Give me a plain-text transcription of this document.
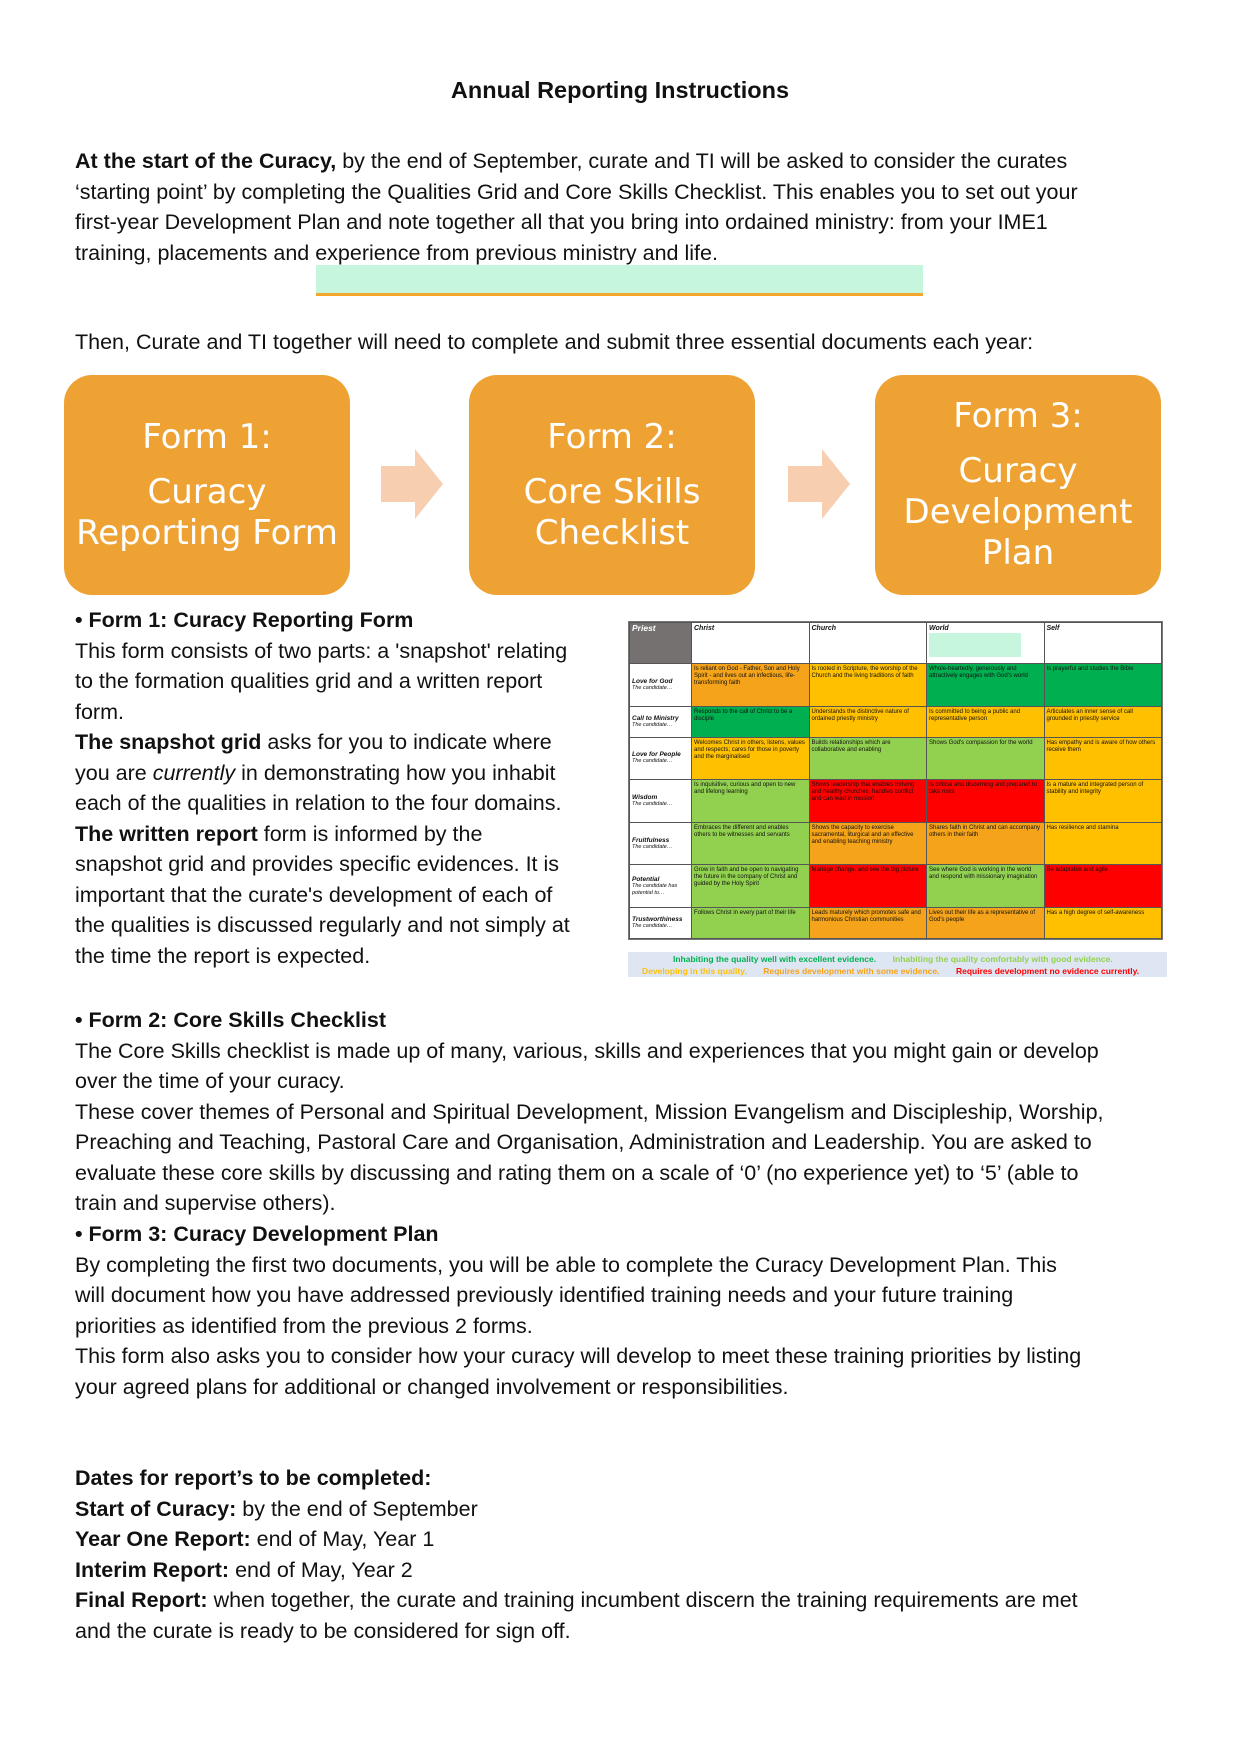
Annual Reporting Instructions
At the start of the Curacy, by the end of September, curate and TI will be asked to consider the curates
‘starting point’ by completing the Qualities Grid and Core Skills Checklist. This enables you to set out your
first-year Development Plan and note together all that you bring into ordained ministry: from your IME1
training, placements and experience from previous ministry and life.
Then, Curate and TI together will need to complete and submit three essential documents each year:
Form 1:
Curacy
Reporting Form
Form 2:
Core Skills
Checklist
Form 3:
Curacy
Development
Plan
• Form 1: Curacy Reporting Form
This form consists of two parts: a 'snapshot' relating
to the formation qualities grid and a written report
form.
The snapshot grid asks for you to indicate where
you are currently in demonstrating how you inhabit
each of the qualities in relation to the four domains.
The written report form is informed by the
snapshot grid and provides specific evidences. It is
important that the curate's development of each of
the qualities is discussed regularly and not simply at
the time the report is expected.
Priest	Christ	Church	World	Self

Love for God
The candidate…	Is reliant on God - Father, Son and Holy Spirit - and lives out an infectious, life-transforming faith	Is rooted in Scripture, the worship of the Church and the living traditions of faith	Whole-heartedly, generously and attractively engages with God's world	Is prayerful and studies the Bible

Call to Ministry
The candidate…	Responds to the call of Christ to be a disciple	Understands the distinctive nature of ordained priestly ministry	Is committed to being a public and representative person	Articulates an inner sense of call grounded in priestly service

Love for People
The candidate…	Welcomes Christ in others, listens, values and respects; cares for those in poverty and the marginalised	Builds relationships which are collaborative and enabling	Shows God's compassion for the world	Has empathy and is aware of how others receive them

Wisdom
The candidate…	Is inquisitive, curious and open to new and lifelong learning	Shows leadership that enables thriving and healthy churches, handles conflict and can lead in mission	Is critical and discerning and prepared to take risks	Is a mature and integrated person of stability and integrity

Fruitfulness
The candidate…	Embraces the different and enables others to be witnesses and servants	Shows the capacity to exercise sacramental, liturgical and an effective and enabling teaching ministry	Shares faith in Christ and can accompany others in their faith	Has resilience and stamina

Potential
The candidate has potential to…	Grow in faith and be open to navigating the future in the company of Christ and guided by the Holy Spirit	Manage change, and see the big picture	See where God is working in the world and respond with missionary imagination	Be adaptable and agile

Trustworthiness
The candidate…	Follows Christ in every part of their life	Leads maturely which promotes safe and harmonious Christian communities	Lives out their life as a representative of God's people	Has a high degree of self-awareness
Inhabiting the quality well with excellent evidence. Inhabiting the quality comfortably with good evidence.
Developing in this quality. Requires development with some evidence. Requires development no evidence currently.
• Form 2: Core Skills Checklist
The Core Skills checklist is made up of many, various, skills and experiences that you might gain or develop
over the time of your curacy.
These cover themes of Personal and Spiritual Development, Mission Evangelism and Discipleship, Worship,
Preaching and Teaching, Pastoral Care and Organisation, Administration and Leadership. You are asked to
evaluate these core skills by discussing and rating them on a scale of ‘0’ (no experience yet) to ‘5’ (able to
train and supervise others).
• Form 3: Curacy Development Plan
By completing the first two documents, you will be able to complete the Curacy Development Plan. This
will document how you have addressed previously identified training needs and your future training
priorities as identified from the previous 2 forms.
This form also asks you to consider how your curacy will develop to meet these training priorities by listing
your agreed plans for additional or changed involvement or responsibilities.
Dates for report’s to be completed:
Start of Curacy: by the end of September
Year One Report: end of May, Year 1
Interim Report: end of May, Year 2
Final Report: when together, the curate and training incumbent discern the training requirements are met
and the curate is ready to be considered for sign off.
